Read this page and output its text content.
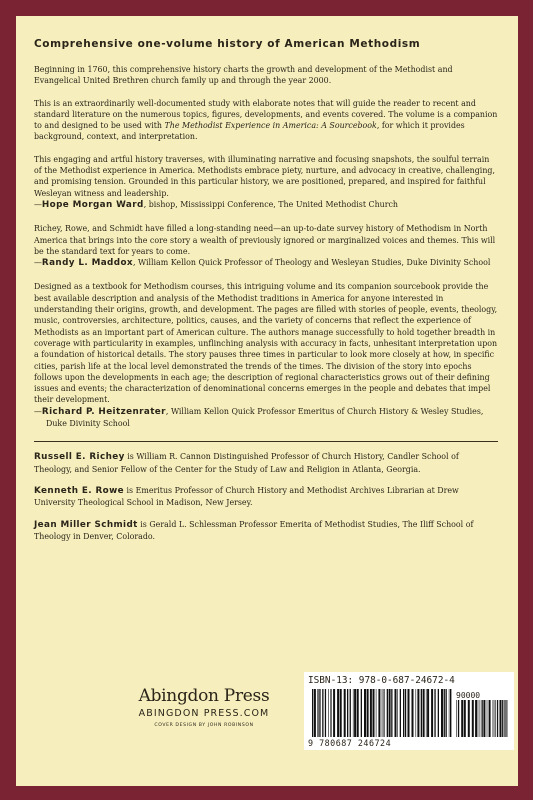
Comprehensive one-volume history of American Methodism

Beginning in 1760, this comprehensive history charts the growth and development of the Methodist and Evangelical United Brethren church family up and through the year 2000.

This is an extraordinarily well-documented study with elaborate notes that will guide the reader to recent and standard literature on the numerous topics, figures, developments, and events covered. The volume is a companion to and designed to be used with The Methodist Experience in America: A Sourcebook, for which it provides background, context, and interpretation.

This engaging and artful history traverses, with illuminating narrative and focusing snapshots, the soulful terrain of the Methodist experience in America. Methodists embrace piety, nurture, and advocacy in creative, challenging, and promising tension. Grounded in this particular history, we are positioned, prepared, and inspired for faithful Wesleyan witness and leadership.

—Hope Morgan Ward, bishop, Mississippi Conference, The United Methodist Church

Richey, Rowe, and Schmidt have filled a long-standing need—an up-to-date survey history of Methodism in North America that brings into the core story a wealth of previously ignored or marginalized voices and themes. This will be the standard text for years to come.

—Randy L. Maddox, William Kellon Quick Professor of Theology and Wesleyan Studies, Duke Divinity School

Designed as a textbook for Methodism courses, this intriguing volume and its companion sourcebook provide the best available description and analysis of the Methodist traditions in America for anyone interested in understanding their origins, growth, and development. The pages are filled with stories of people, events, theology, music, controversies, architecture, politics, causes, and the variety of concerns that reflect the experience of Methodists as an important part of American culture. The authors manage successfully to hold together breadth in coverage with particularity in examples, unflinching analysis with accuracy in facts, unhesitant interpretation upon a foundation of historical details. The story pauses three times in particular to look more closely at how, in specific cities, parish life at the local level demonstrated the trends of the times. The division of the story into epochs follows upon the developments in each age; the description of regional characteristics grows out of their defining issues and events; the characterization of denominational concerns emerges in the people and debates that impel their development.

—Richard P. Heitzenrater, William Kellon Quick Professor Emeritus of Church History & Wesley Studies, Duke Divinity School

Russell E. Richey is William R. Cannon Distinguished Professor of Church History, Candler School of Theology, and Senior Fellow of the Center for the Study of Law and Religion in Atlanta, Georgia.

Kenneth E. Rowe is Emeritus Professor of Church History and Methodist Archives Librarian at Drew University Theological School in Madison, New Jersey.

Jean Miller Schmidt is Gerald L. Schlessman Professor Emerita of Methodist Studies, The Iliff School of Theology in Denver, Colorado.

Abingdon Press
ABINGDON PRESS.COM
COVER DESIGN BY JOHN ROBINSON
ISBN-13: 978-0-687-24672-4
90000
9 780687 246724
